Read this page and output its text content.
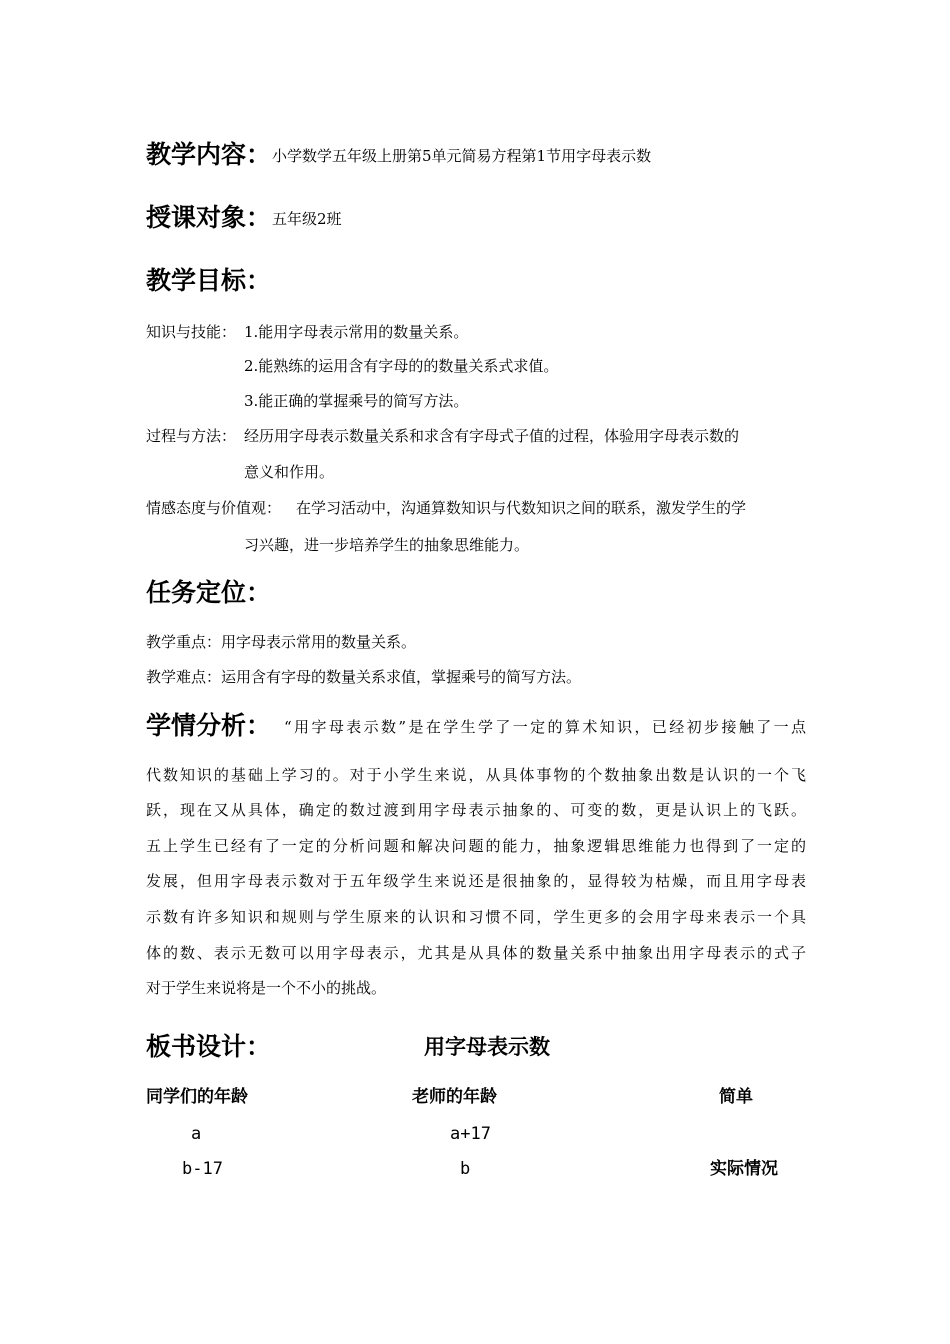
教学内容： 小学数学五年级上册第5单元简易方程第1节用字母表示数
授课对象： 五年级2班
教学目标：
知识与技能： 1.能用字母表示常用的数量关系。
2.能熟练的运用含有字母的的数量关系式求值。
3.能正确的掌握乘号的简写方法。
过程与方法： 经历用字母表示数量关系和求含有字母式子值的过程，体验用字母表示数的
意义和作用。
情感态度与价值观： 在学习活动中，沟通算数知识与代数知识之间的联系，激发学生的学
习兴趣，进一步培养学生的抽象思维能力。
任务定位：
教学重点：用字母表示常用的数量关系。
教学难点：运用含有字母的数量关系求值，掌握乘号的简写方法。
学情分析： “用字母表示数”是在学生学了一定的算术知识，已经初步接触了一点
代数知识的基础上学习的。对于小学生来说，从具体事物的个数抽象出数是认识的一个飞
跃，现在又从具体，确定的数过渡到用字母表示抽象的、可变的数，更是认识上的飞跃。
五上学生已经有了一定的分析问题和解决问题的能力，抽象逻辑思维能力也得到了一定的
发展，但用字母表示数对于五年级学生来说还是很抽象的，显得较为枯燥，而且用字母表
示数有许多知识和规则与学生原来的认识和习惯不同，学生更多的会用字母来表示一个具
体的数、表示无数可以用字母表示，尤其是从具体的数量关系中抽象出用字母表示的式子
对于学生来说将是一个不小的挑战。
板书设计：	用字母表示数
同学们的年龄	老师的年龄	简单
a	a+17
b-17	b	实际情况
